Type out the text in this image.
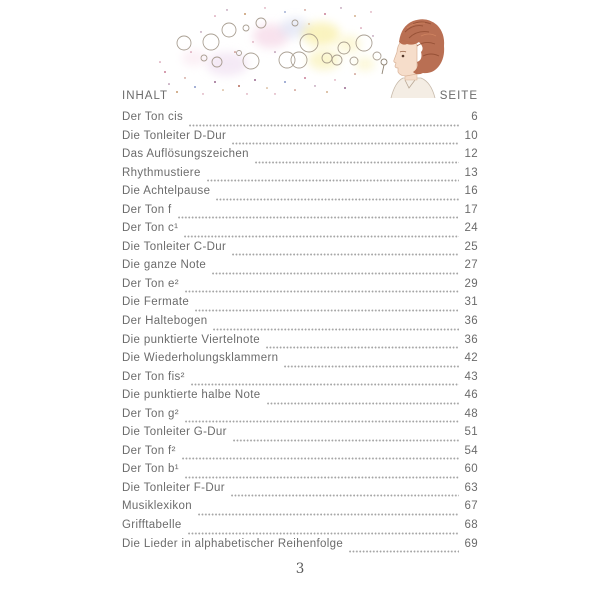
INHALT	SEITE
Der Ton cis	6
Die Tonleiter D-Dur	10
Das Auflösungszeichen	12
Rhythmustiere	13
Die Achtelpause	16
Der Ton f	17
Der Ton c¹	24
Die Tonleiter C-Dur	25
Die ganze Note	27
Der Ton e²	29
Die Fermate	31
Der Haltebogen	36
Die punktierte Viertelnote	36
Die Wiederholungsklammern	42
Der Ton fis²	43
Die punktierte halbe Note	46
Der Ton g²	48
Die Tonleiter G-Dur	51
Der Ton f²	54
Der Ton b¹	60
Die Tonleiter F-Dur	63
Musiklexikon	67
Grifftabelle	68
Die Lieder in alphabetischer Reihenfolge	69
3
